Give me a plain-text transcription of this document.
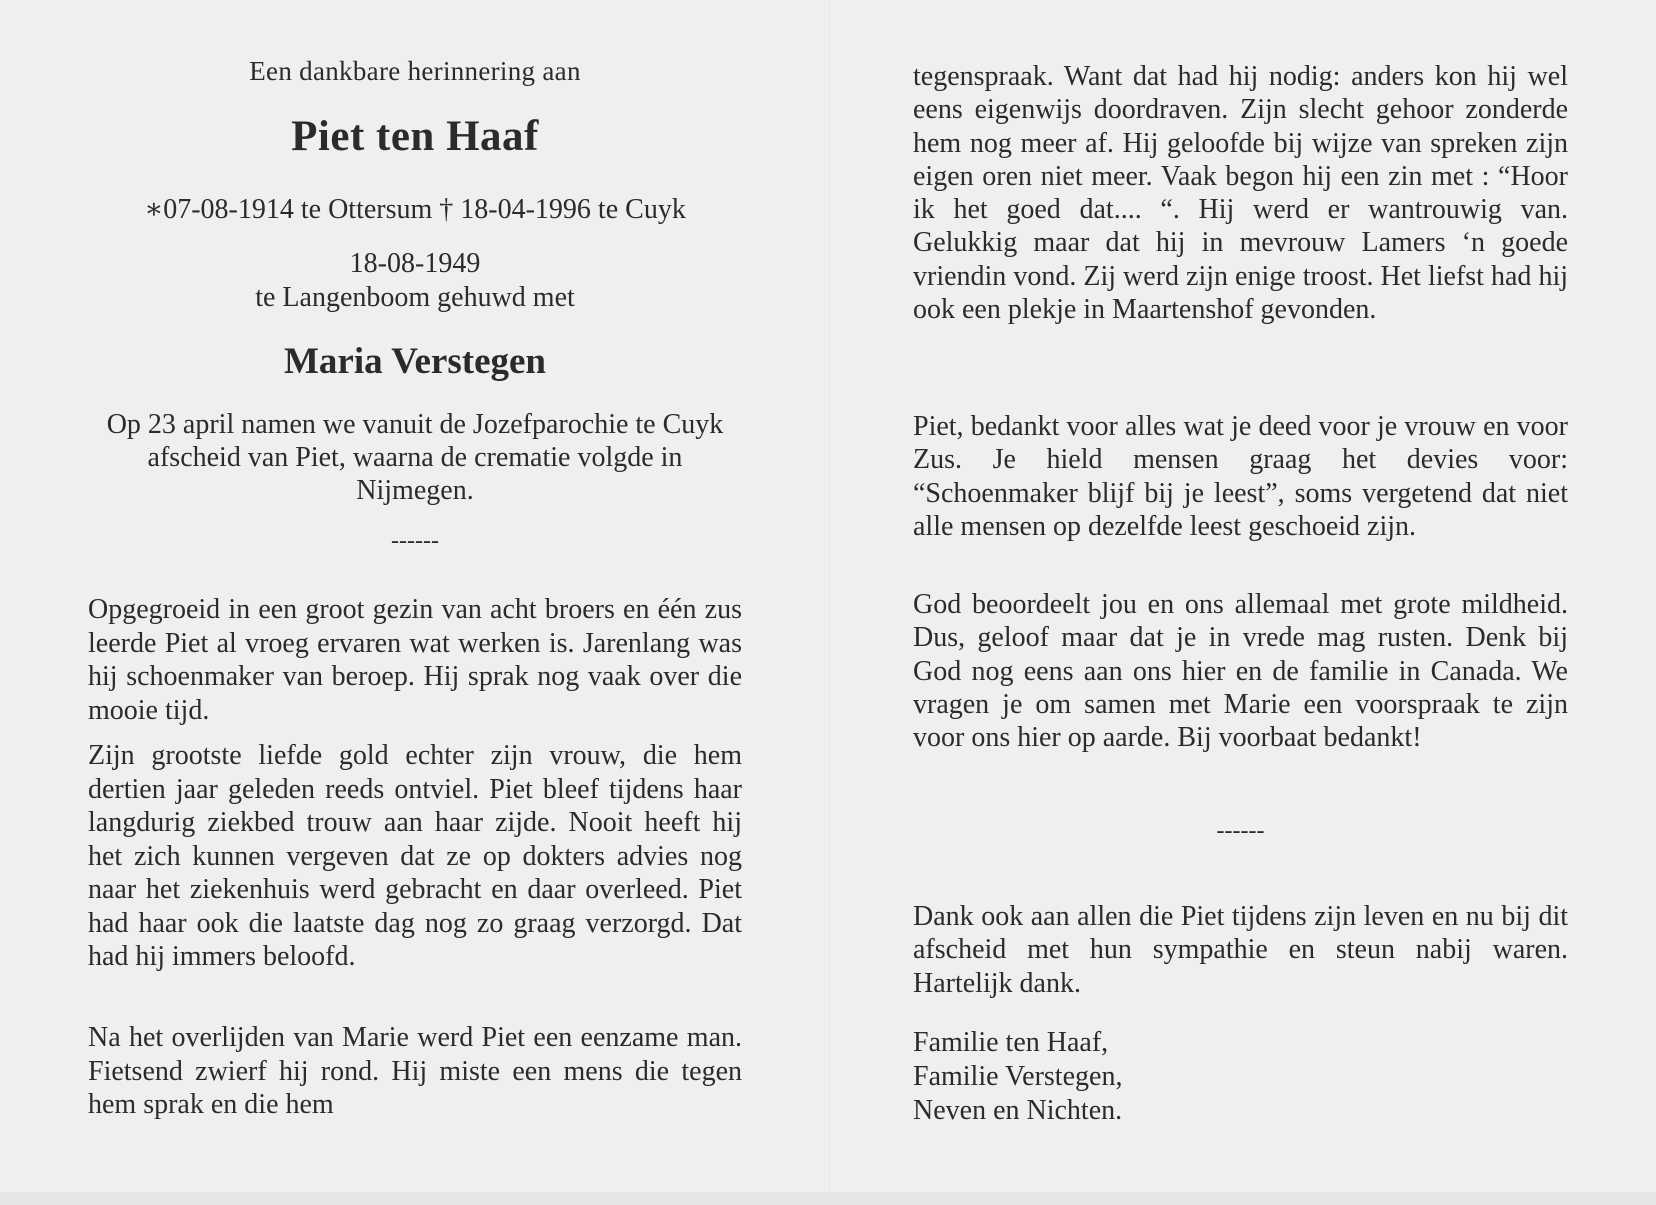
Een dankbare herinnering aan
Piet ten Haaf
∗07-08-1914 te Ottersum † 18-04-1996 te Cuyk
18-08-1949
te Langenboom gehuwd met
Maria Verstegen
Op 23 april namen we vanuit de Jozefparochie te Cuyk afscheid van Piet, waarna de crematie volgde in Nijmegen.
------
Opgegroeid in een groot gezin van acht broers en één zus leerde Piet al vroeg ervaren wat werken is. Jarenlang was hij schoenmaker van beroep. Hij sprak nog vaak over die mooie tijd.
Zijn grootste liefde gold echter zijn vrouw, die hem dertien jaar geleden reeds ontviel. Piet bleef tijdens haar langdurig ziekbed trouw aan haar zijde. Nooit heeft hij het zich kunnen vergeven dat ze op dokters advies nog naar het ziekenhuis werd gebracht en daar overleed. Piet had haar ook die laatste dag nog zo graag verzorgd. Dat had hij immers beloofd.
Na het overlijden van Marie werd Piet een eenzame man. Fietsend zwierf hij rond. Hij miste een mens die tegen hem sprak en die hem
tegenspraak. Want dat had hij nodig: anders kon hij wel eens eigenwijs doordraven. Zijn slecht gehoor zonderde hem nog meer af. Hij geloofde bij wijze van spreken zijn eigen oren niet meer. Vaak begon hij een zin met : “Hoor ik het goed dat.... “. Hij werd er wantrouwig van. Gelukkig maar dat hij in mevrouw Lamers ‘n goede vriendin vond. Zij werd zijn enige troost. Het liefst had hij ook een plekje in Maartenshof gevonden.
Piet, bedankt voor alles wat je deed voor je vrouw en voor Zus. Je hield mensen graag het devies voor: “Schoenmaker blijf bij je leest”, soms vergetend dat niet alle mensen op dezelfde leest geschoeid zijn.
God beoordeelt jou en ons allemaal met grote mildheid. Dus, geloof maar dat je in vrede mag rusten. Denk bij God nog eens aan ons hier en de familie in Canada. We vragen je om samen met Marie een voorspraak te zijn voor ons hier op aarde. Bij voorbaat bedankt!
------
Dank ook aan allen die Piet tijdens zijn leven en nu bij dit afscheid met hun sympathie en steun nabij waren. Hartelijk dank.
Familie ten Haaf,
Familie Verstegen,
Neven en Nichten.
